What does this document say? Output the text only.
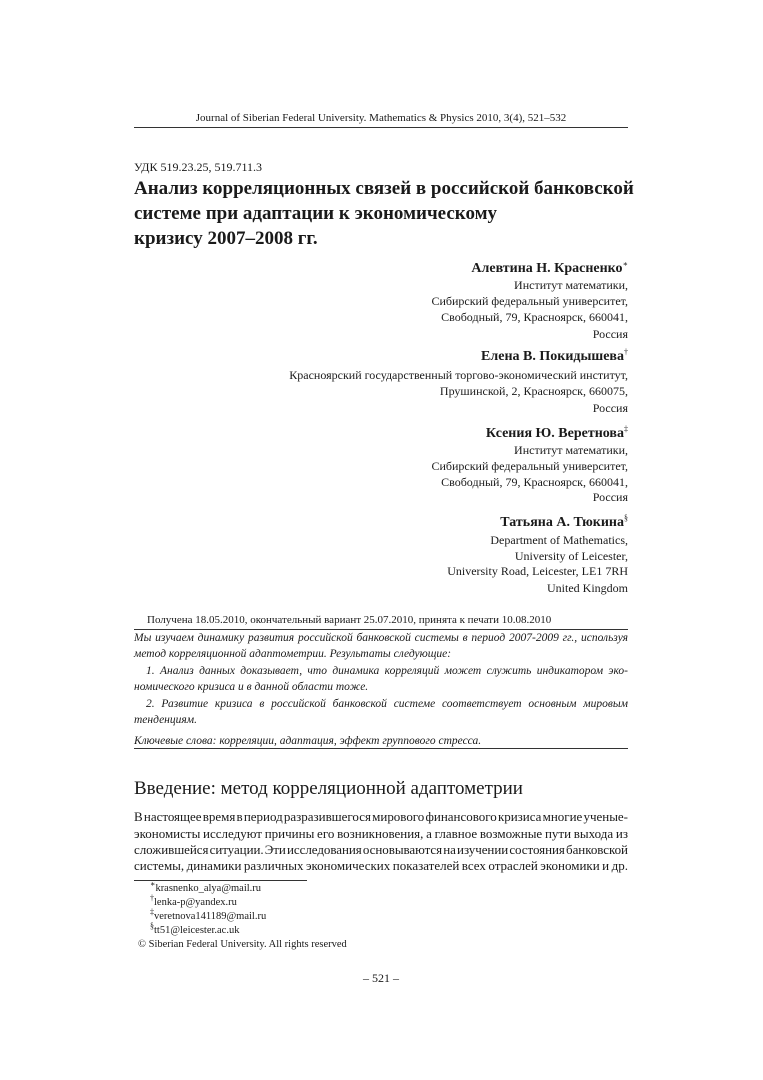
Journal of Siberian Federal University. Mathematics & Physics 2010, 3(4), 521–532
УДК 519.23.25, 519.711.3
Анализ корреляционных связей в российской банковской
системе при адаптации к экономическому
кризису 2007–2008 гг.
Алевтина Н. Красненко∗
Институт математики,
Сибирский федеральный университет,
Свободный, 79, Красноярск, 660041,
Россия
Елена В. Покидышева†
Красноярский государственный торгово-экономический институт,
Прушинской, 2, Красноярск, 660075,
Россия
Ксения Ю. Веретнова‡
Институт математики,
Сибирский федеральный университет,
Свободный, 79, Красноярск, 660041,
Россия
Татьяна А. Тюкина§
Department of Mathematics,
University of Leicester,
University Road, Leicester, LE1 7RH
United Kingdom
Получена 18.05.2010, окончательный вариант 25.07.2010, принята к печати 10.08.2010
Мы изучаем динамику развития российской банковской системы в период 2007-2009 гг., используя
метод корреляционной адаптометрии. Результаты следующие:
1. Анализ данных доказывает, что динамика корреляций может служить индикатором эко-
номического кризиса и в данной области тоже.
2. Развитие кризиса в российской банковской системе соответствует основным мировым
тенденциям.
Ключевые слова: корреляции, адаптация, эффект группового стресса.
Введение: метод корреляционной адаптометрии
В настоящее время в период разразившегося мирового финансового кризиса многие ученые-
экономисты исследуют причины его возникновения, а главное возможные пути выхода из
сложившейся ситуации. Эти исследования основываются на изучении состояния банковской
системы, динамики различных экономических показателей всех отраслей экономики и др.
∗krasnenko_alya@mail.ru
†lenka-p@yandex.ru
‡veretnova141189@mail.ru
§tt51@leicester.ac.uk
© Siberian Federal University. All rights reserved
– 521 –
